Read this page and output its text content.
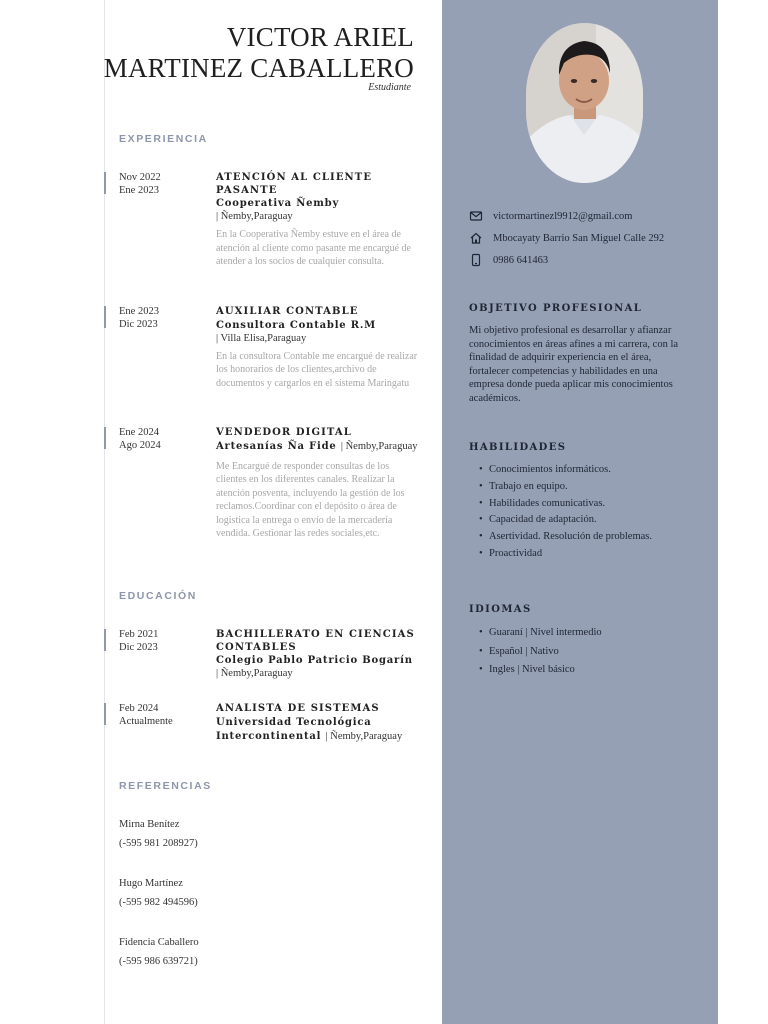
VICTOR ARIEL
MARTINEZ CABALLERO
Estudiante
EXPERIENCIA
Nov 2022
Ene 2023
ATENCIÓN AL CLIENTE PASANTE
Cooperativa Ñemby
| Ñemby,Paraguay
En la Cooperativa Ñemby estuve en el área de atención al cliente como pasante me encargué de atender a los socios de cualquier consulta.
Ene 2023
Dic 2023
AUXILIAR CONTABLE
Consultora Contable R.M
| Villa Elisa,Paraguay
En la consultora Contable me encargué de realizar los honorarios de los clientes,archivo de documentos y cargarlos en el sistema Maringatu
Ene 2024
Ago 2024
VENDEDOR DIGITAL
Artesanías Ña Fide | Ñemby,Paraguay
Me Encargué de responder consultas de los clientes en los diferentes canales. Realizar la atención posventa, incluyendo la gestión de los reclamos.Coordinar con el depósito o área de logística la entrega o envío de la mercadería vendida. Gestionar las redes sociales,etc.
EDUCACIÓN
Feb 2021
Dic 2023
BACHILLERATO EN CIENCIAS CONTABLES
Colegio Pablo Patricio Bogarín
| Ñemby,Paraguay
Feb 2024
Actualmente
ANALISTA DE SISTEMAS
Universidad Tecnológica Intercontinental | Ñemby,Paraguay
REFERENCIAS
Mirna Benítez
(-595 981 208927)
Hugo Martínez
(-595 982 494596)
Fidencia Caballero
(-595 986 639721)
victormartinezl9912@gmail.com
Mbocayaty Barrio San Miguel Calle 292
0986 641463
OBJETIVO PROFESIONAL
Mi objetivo profesional es desarrollar y afianzar conocimientos en áreas afines a mi carrera, con la finalidad de adquirir experiencia en el área, fortalecer competencias y habilidades en una empresa donde pueda aplicar mis conocimientos académicos.
HABILIDADES
• Conocimientos informáticos.
• Trabajo en equipo.
• Habilidades comunicativas.
• Capacidad de adaptación.
• Asertividad. Resolución de problemas.
• Proactividad
IDIOMAS
• Guaraní | Nivel intermedio
• Español | Nativo
• Ingles | Nivel básico
